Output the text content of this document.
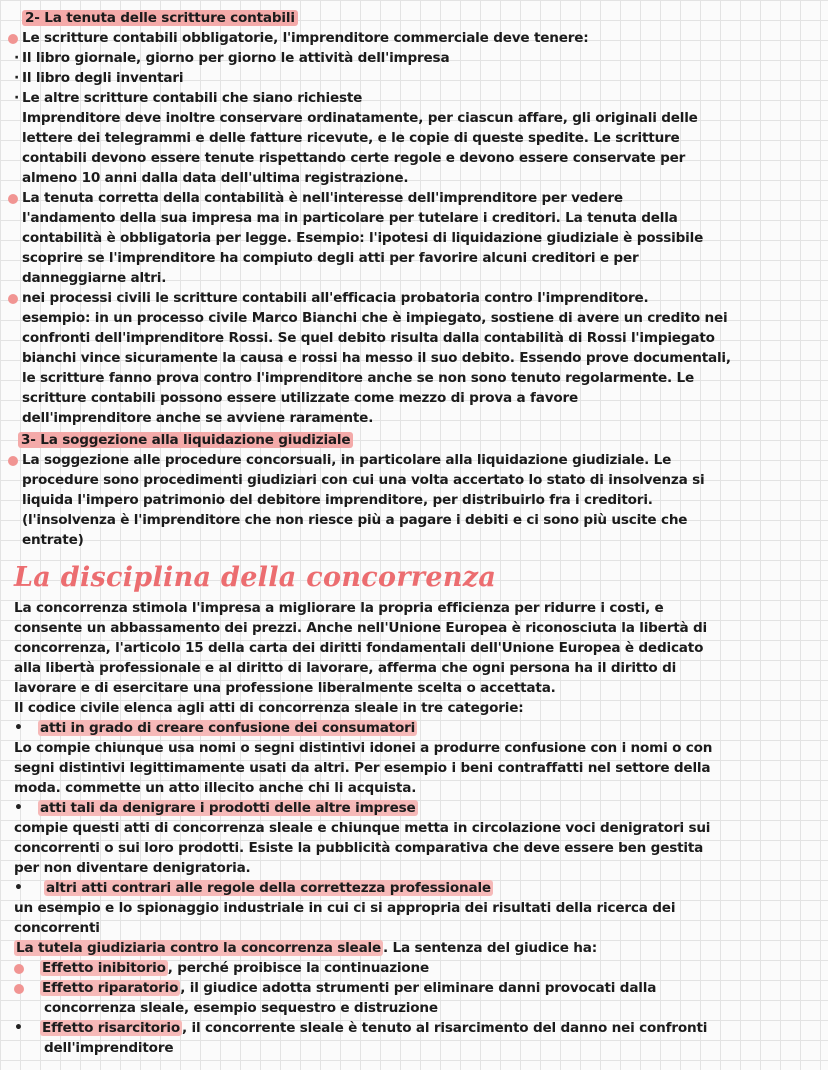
2- La tenuta delle scritture contabili
Le scritture contabili obbligatorie, l'imprenditore commerciale deve tenere:
· Il libro giornale, giorno per giorno le attività dell'impresa
· Il libro degli inventari
· Le altre scritture contabili che siano richieste
Imprenditore deve inoltre conservare ordinatamente, per ciascun affare, gli originali delle
lettere dei telegrammi e delle fatture ricevute, e le copie di queste spedite. Le scritture
contabili devono essere tenute rispettando certe regole e devono essere conservate per
almeno 10 anni dalla data dell'ultima registrazione.
La tenuta corretta della contabilità è nell'interesse dell'imprenditore per vedere
l'andamento della sua impresa ma in particolare per tutelare i creditori. La tenuta della
contabilità è obbligatoria per legge. Esempio: l'ipotesi di liquidazione giudiziale è possibile
scoprire se l'imprenditore ha compiuto degli atti per favorire alcuni creditori e per
danneggiarne altri.
nei processi civili le scritture contabili all'efficacia probatoria contro l'imprenditore.
esempio: in un processo civile Marco Bianchi che è impiegato, sostiene di avere un credito nei
confronti dell'imprenditore Rossi. Se quel debito risulta dalla contabilità di Rossi l'impiegato
bianchi vince sicuramente la causa e rossi ha messo il suo debito. Essendo prove documentali,
le scritture fanno prova contro l'imprenditore anche se non sono tenuto regolarmente. Le
scritture contabili possono essere utilizzate come mezzo di prova a favore
dell'imprenditore anche se avviene raramente.
3- La soggezione alla liquidazione giudiziale
La soggezione alle procedure concorsuali, in particolare alla liquidazione giudiziale. Le
procedure sono procedimenti giudiziari con cui una volta accertato lo stato di insolvenza si
liquida l'impero patrimonio del debitore imprenditore, per distribuirlo fra i creditori.
(l'insolvenza è l'imprenditore che non riesce più a pagare i debiti e ci sono più uscite che
entrate)
La disciplina della concorrenza
La concorrenza stimola l'impresa a migliorare la propria efficienza per ridurre i costi, e
consente un abbassamento dei prezzi. Anche nell'Unione Europea è riconosciuta la libertà di
concorrenza, l'articolo 15 della carta dei diritti fondamentali dell'Unione Europea è dedicato
alla libertà professionale e al diritto di lavorare, afferma che ogni persona ha il diritto di
lavorare e di esercitare una professione liberalmente scelta o accettata.
Il codice civile elenca agli atti di concorrenza sleale in tre categorie:
• atti in grado di creare confusione dei consumatori
Lo compie chiunque usa nomi o segni distintivi idonei a produrre confusione con i nomi o con
segni distintivi legittimamente usati da altri. Per esempio i beni contraffatti nel settore della
moda. commette un atto illecito anche chi li acquista.
• atti tali da denigrare i prodotti delle altre imprese
compie questi atti di concorrenza sleale e chiunque metta in circolazione voci denigratori sui
concorrenti o sui loro prodotti. Esiste la pubblicità comparativa che deve essere ben gestita
per non diventare denigratoria.
• altri atti contrari alle regole della correttezza professionale
un esempio e lo spionaggio industriale in cui ci si appropria dei risultati della ricerca dei
concorrenti
La tutela giudiziaria contro la concorrenza sleale . La sentenza del giudice ha:
Effetto inibitorio , perché proibisce la continuazione
Effetto riparatorio , il giudice adotta strumenti per eliminare danni provocati dalla
concorrenza sleale, esempio sequestro e distruzione
• Effetto risarcitorio , il concorrente sleale è tenuto al risarcimento del danno nei confronti
dell'imprenditore
